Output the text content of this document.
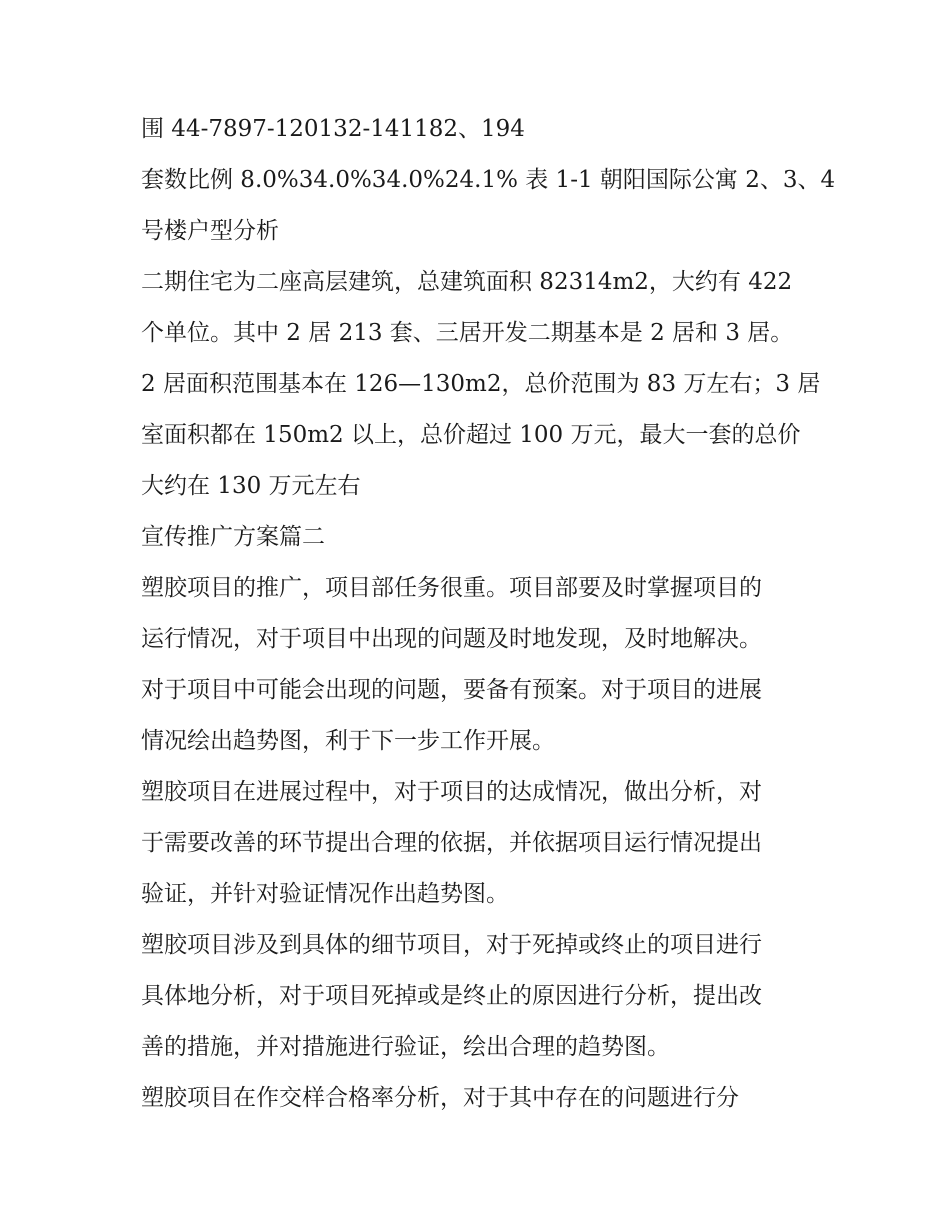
围 44-7897-120132-141182、194
套数比例 8.0%34.0%34.0%24.1% 表 1-1 朝阳国际公寓 2、3、4
号楼户型分析
二期住宅为二座高层建筑，总建筑面积 82314m2，大约有 422
个单位。其中 2 居 213 套、三居开发二期基本是 2 居和 3 居。
2 居面积范围基本在 126—130m2，总价范围为 83 万左右；3 居
室面积都在 150m2 以上，总价超过 100 万元，最大一套的总价
大约在 130 万元左右
宣传推广方案篇二
塑胶项目的推广，项目部任务很重。项目部要及时掌握项目的
运行情况，对于项目中出现的问题及时地发现，及时地解决。
对于项目中可能会出现的问题，要备有预案。对于项目的进展
情况绘出趋势图，利于下一步工作开展。
塑胶项目在进展过程中，对于项目的达成情况，做出分析，对
于需要改善的环节提出合理的依据，并依据项目运行情况提出
验证，并针对验证情况作出趋势图。
塑胶项目涉及到具体的细节项目，对于死掉或终止的项目进行
具体地分析，对于项目死掉或是终止的原因进行分析，提出改
善的措施，并对措施进行验证，绘出合理的趋势图。
塑胶项目在作交样合格率分析，对于其中存在的问题进行分
